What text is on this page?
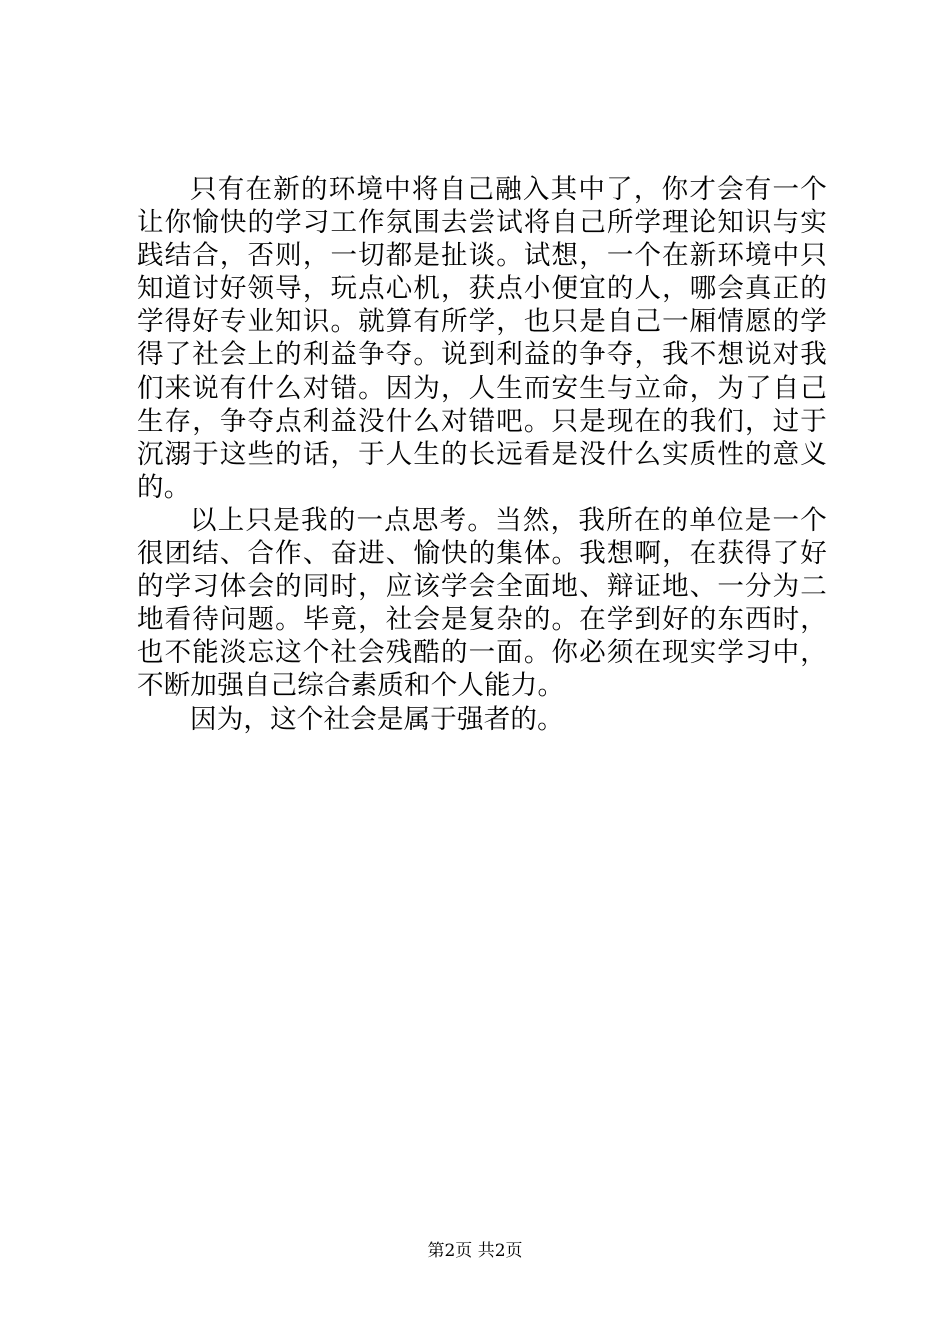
只有在新的环境中将自己融入其中了，你才会有一个让你愉快的学习工作氛围去尝试将自己所学理论知识与实践结合，否则，一切都是扯谈。试想，一个在新环境中只知道讨好领导，玩点心机，获点小便宜的人，哪会真正的学得好专业知识。就算有所学，也只是自己一厢情愿的学得了社会上的利益争夺。说到利益的争夺，我不想说对我们来说有什么对错。因为，人生而安生与立命，为了自己生存，争夺点利益没什么对错吧。只是现在的我们，过于沉溺于这些的话，于人生的长远看是没什么实质性的意义的。

以上只是我的一点思考。当然，我所在的单位是一个很团结、合作、奋进、愉快的集体。我想啊，在获得了好的学习体会的同时，应该学会全面地、辩证地、一分为二地看待问题。毕竟，社会是复杂的。在学到好的东西时，也不能淡忘这个社会残酷的一面。你必须在现实学习中，不断加强自己综合素质和个人能力。

因为，这个社会是属于强者的。

第2页 共2页
